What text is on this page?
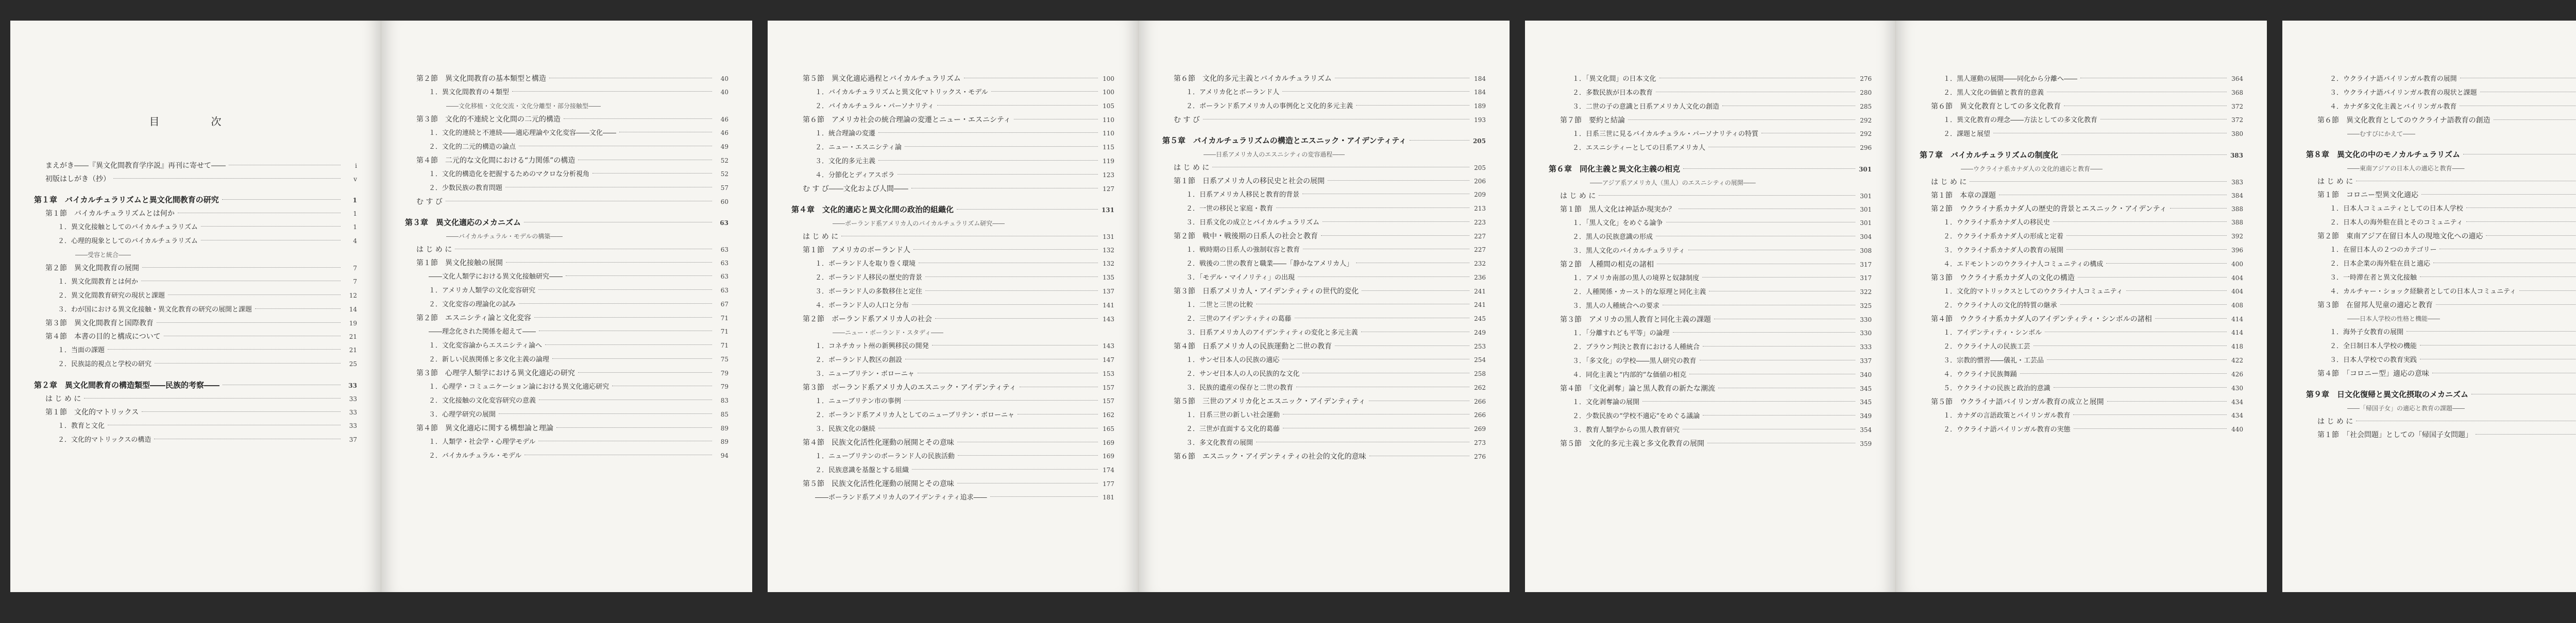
目　次
まえがき――『異文化間教育学序説』再刊に寄せて――	i
初版はしがき（抄）	v
第１章　バイカルチュラリズムと異文化間教育の研究	1
第１節　バイカルチュラリズムとは何か	1
１．異文化接触としてのバイカルチュラリズム	1
２．心理的現象としてのバイカルチュラリズム	4
――受容と統合――
第２節　異文化間教育の展開	7
１．異文化間教育とは何か	7
２．異文化間教育研究の現状と課題	12
３．わが国における異文化接触・異文化教育の研究の展開と課題	14
第３節　異文化間教育と国際教育	19
第４節　本書の目的と構成について	21
１．当面の課題	21
２．民族誌的視点と学校の研究	25
第２章　異文化間教育の構造類型――民族的考察――	33
は じ め に	33
第１節　文化的マトリックス	33
１．教育と文化	33
２．文化的マトリックスの構造	37
第２節　異文化間教育の基本類型と構造	40
１．異文化間教育の４類型	40
――文化移植・文化交流・文化分離型・部分接触型――
第３節　文化的不連続と文化間の二元的構造	46
１．文化的連続と不連続――適応理論や文化変容――文化――	46
２．文化的二元的構造の論点	49
第４節　二元的な文化間における“力関係”の構造	52
１．文化的構造化を把握するためのマクロな分析視角	52
２．少数民族の教育問題	57
む す び	60
第３章　異文化適応のメカニズム	63
――バイカルチュラル・モデルの構築――
は じ め に	63
第１節　異文化接触の展開	63
――文化人類学における異文化接触研究――	63
１．アメリカ人類学の文化変容研究	63
２．文化変容の理論化の試み	67
第２節　エスニシティ論と文化変容	71
――理念化された関係を超えて――	71
１．文化変容論からエスニシティ論へ	71
２．新しい民族関係と多文化主義の論理	75
第３節　心理学人類学における異文化適応の研究	79
１．心理学・コミュニケーション論における異文化適応研究	79
２．文化接触の文化変容研究の意義	83
３．心理学研究の展開	85
第４節　異文化適応に関する構想論と理論	89
１．人類学・社会学・心理学モデル	89
２．バイカルチュラル・モデル	94
第５節　異文化適応過程とバイカルチュラリズム	100
１．バイカルチュラリズムと異文化マトリックス・モデル	100
２．バイカルチュラル・パーソナリティ	105
第６節　アメリカ社会の統合理論の変遷とニュー・エスニシティ	110
１．統合理論の変遷	110
２．ニュー・エスニシティ論	115
３．文化的多元主義	119
４．分節化とディアスポラ	123
む す び――文化および人間――	127
第４章　文化的適応と異文化間の政治的組織化	131
――ボーランド系アメリカ人のバイカルチュラリズム研究――
は じ め に	131
第１節　アメリカのボーランド人	132
１．ボーランド人を取り巻く環境	132
２．ボーランド人移民の歴史的背景	135
３．ボーランド人の多数移住と定住	137
４．ボーランド人の人口と分布	141
第２節　ボーランド系アメリカ人の社会	143
――ニュー・ボーランド・スタディ――
１．コネチカット州の新興移民の開発	143
２．ボーランド人教区の創設	147
３．ニューブリテン・ボローニャ	153
第３節　ボーランド系アメリカ人のエスニック・アイデンティティ	157
１．ニューブリテン市の事例	157
２．ボーランド系アメリカ人としてのニューブリテン・ボローニャ	162
３．民族文化の継続	165
第４節　民族文化活性化運動の展開とその意味	169
１．ニューブリテンのボーランド人の民族活動	169
２．民族意識を基盤とする組織	174
第５節　民族文化活性化運動の展開とその意味	177
――ボーランド系アメリカ人のアイデンティティ追求――	181
第６節　文化的多元主義とバイカルチュラリズム	184
１．アメリカ化とボーランド人	184
２．ボーランド系アメリカ人の事例化と文化的多元主義	189
む す び	193
第５章　バイカルチュラリズムの構造とエスニック・アイデンティティ	205
――日系アメリカ人のエスニシティの変容過程――
は じ め に	205
第１節　日系アメリカ人の移民史と社会の展開	206
１．日系アメリカ人移民と教育的背景	209
２．一世の移民と家庭・教育	213
３．日系文化の成立とバイカルチュラリズム	223
第２節　戦中・戦後期の日系人の社会と教育	227
１．戦時期の日系人の強制収容と教育	227
２．戦後の二世の教育と職業――「静かなアメリカ人」	232
３．「モデル・マイノリティ」の出現	236
第３節　日系アメリカ人・アイデンティティの世代的変化	241
１．二世と三世の比較	241
２．三世のアイデンティティの葛藤	245
３．日系アメリカ人のアイデンティティの変化と多元主義	249
第４節　日系アメリカ人の民族運動と二世の教育	253
１．サンゼ日本人の民族の適応	254
２．サンゼ日本人の人の民族的な文化	258
３．民族的遺産の保存と二世の教育	262
第５節　三世のアメリカ化とエスニック・アイデンティティ	266
１．日系三世の新しい社会運動	266
２．三世が直面する文化的葛藤	269
３．多文化教育の展開	273
第６節　エスニック・アイデンティティの社会的文化的意味	276
１．「異文化間」の日本文化	276
２．多数民族が日本の教育	280
３．二世の子の意識と日系アメリカ人文化の創造	285
第７節　要約と結論	292
１．日系三世に見るバイカルチュラル・パーソナリティの特質	292
２．エスニシティーとしての日系アメリカ人	296
第６章　同化主義と異文化主義の相克	301
――アジア系アメリカ人（黒人）のエスニシティの展開――
は じ め に	301
第１節　黒人文化は神話か現実か？	301
１．「黒人文化」をめぐる論争	301
２．黒人の民族意識の形成	304
３．黒人文化のバイカルチュラリティ	308
第２節　人種間の相克の諸相	317
１．アメリカ南部の黒人の境界と奴隷制度	317
２．人種関係・カースト的な原理と同化主義	322
３．黒人の人種統合への要求	325
第３節　アメリカの黒人教育と同化主義の課題	330
１．「分離すれども平等」の論理	330
２．ブラウン判決と教育における人種統合	333
３．「多文化」の学校――黒人研究の教育	337
４．同化主義と“内部的”な価値の相克	340
第４節　「文化剥奪」論と黒人教育の新たな潮流	345
１．文化剥奪論の展開	345
２．少数民族の“学校不適応”をめぐる議論	349
３．教育人類学からの黒人教育研究	354
第５節　文化的多元主義と多文化教育の展開	359
１．黒人運動の展開――同化から分離へ――	364
２．黒人文化の価値と教育的意義	368
第６節　異文化教育としての多文化教育	372
１．異文化教育の理念――方法としての多文化教育	372
２．課題と展望	380
第７章　バイカルチュラリズムの制度化	383
――ウクライナ系カナダ人の文化的適応と教育――
は じ め に	383
第１節　本章の課題	384
第２節　ウクライナ系カナダ人の歴史的背景とエスニック・アイデンティ	388
１．ウクライナ系カナダ人の移民史	388
２．ウクライナ系カナダ人の形成と定着	392
３．ウクライナ系カナダ人の教育の展開	396
４．エドモントンのウクライナ人コミュニティの構成	400
第３節　ウクライナ系カナダ人の文化の構造	404
１．文化的マトリックスとしてのウクライナ人コミュニティ	404
２．ウクライナ人の文化的特質の継承	408
第４節　ウクライナ系カナダ人のアイデンティティ・シンボルの諸相	414
１．アイデンティティ・シンボル	414
２．ウクライナ人の民族工芸	418
３．宗教的慣習――儀礼・工芸品	422
４．ウクライナ民族舞踊	426
５．ウクライナの民族と政治的意識	430
第５節　ウクライナ語バイリンガル教育の成立と展開	434
１．カナダの言語政策とバイリンガル教育	434
２．ウクライナ語バイリンガル教育の実態	440
２．ウクライナ語バイリンガル教育の展開
３．ウクライナ語バイリンガル教育の現状と課題
４．カナダ多文化主義とバイリンガル教育
第６節　異文化教育としてのウクライナ語教育の創造
――むすびにかえて――
第８章　異文化の中のモノカルチュラリズム
――東南アジアの日本人の適応と教育――
は じ め に
第１節　コロニー型異文化適応
１．日本人コミュニティとしての日本人学校
２．日本人の海外駐在員とそのコミュニティ
第２節　東南アジア在留日本人の現地文化への適応
１．在留日本人の２つのカテゴリー
２．日本企業の海外駐在員と適応
３．一時滞在者と異文化接触
４．カルチャー・ショック経験者としての日本人コミュニティ
第３節　在留邦人児童の適応と教育
――日本人学校の性格と機能――
１．海外子女教育の展開
２．全日制日本人学校の機能
３．日本人学校での教育実践
第４節　「コロニー型」適応の意味
第９章　日文化復帰と異文化摂取のメカニズム
――「帰国子女」の適応と教育の課題――
は じ め に
第１節　「社会問題」としての「帰国子女問題」
